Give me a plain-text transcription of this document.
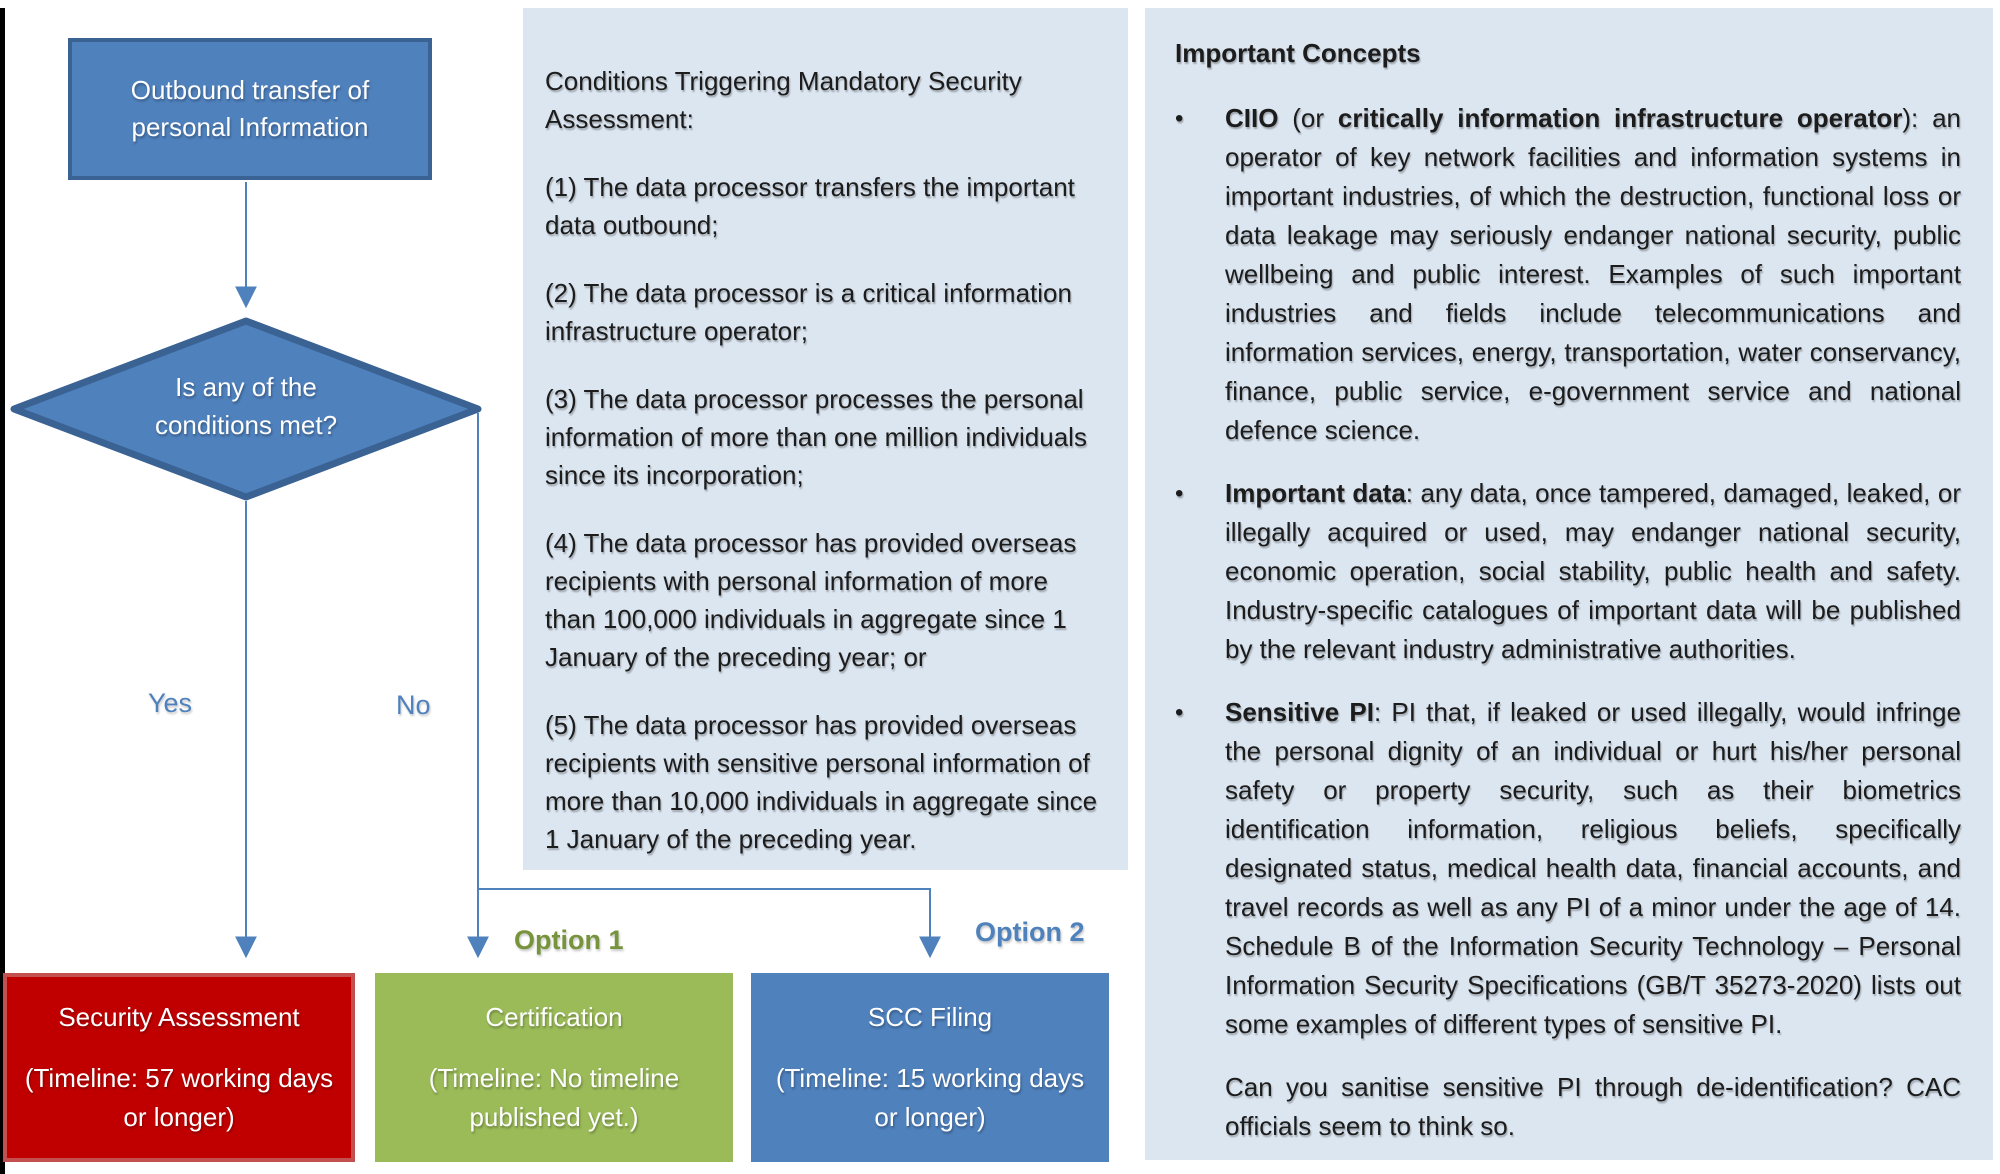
Outbound transfer of
personal Information
Is any of the
conditions met?
Yes	No
Option 1	Option 2
Security Assessment
(Timeline: 57 working days
or longer)
Certification
(Timeline: No timeline
published yet.)
SCC Filing
(Timeline: 15 working days
or longer)
Conditions Triggering Mandatory Security Assessment:
(1) The data processor transfers the important data outbound;
(2) The data processor is a critical information infrastructure operator;
(3) The data processor processes the personal information of more than one million individuals since its incorporation;
(4) The data processor has provided overseas recipients with personal information of more than 100,000 individuals in aggregate since 1 January of the preceding year; or
(5) The data processor has provided overseas recipients with sensitive personal information of more than 10,000 individuals in aggregate since 1 January of the preceding year.
Important Concepts
•	CIIO (or critically information infrastructure operator): an operator of key network facilities and information systems in important industries, of which the destruction, functional loss or data leakage may seriously endanger national security, public wellbeing and public interest. Examples of such important industries and fields include telecommunications and information services, energy, transportation, water conservancy, finance, public service, e-government service and national defence science.
•	Important data: any data, once tampered, damaged, leaked, or illegally acquired or used, may endanger national security, economic operation, social stability, public health and safety. Industry-specific catalogues of important data will be published by the relevant industry administrative authorities.
•	Sensitive PI: PI that, if leaked or used illegally, would infringe the personal dignity of an individual or hurt his/her personal safety or property security, such as their biometrics identification information, religious beliefs, specifically designated status, medical health data, financial accounts, and travel records as well as any PI of a minor under the age of 14. Schedule B of the Information Security Technology – Personal Information Security Specifications (GB/T 35273-2020) lists out some examples of different types of sensitive PI.
Can you sanitise sensitive PI through de-identification? CAC officials seem to think so.
